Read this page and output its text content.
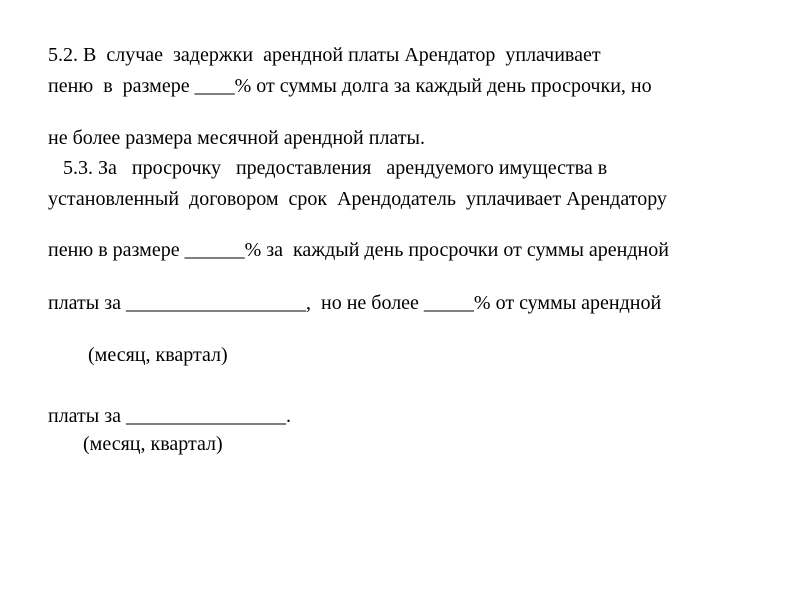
5.2. В  случае  задержки  арендной платы Арендатор  уплачивает

пеню  в  размере ____% от суммы долга за каждый день просрочки, но

не более размера месячной арендной платы.

5.3. За   просрочку   предоставления   арендуемого имущества в

установленный  договором  срок  Арендодатель  уплачивает Арендатору

пеню в размере ______% за  каждый день просрочки от суммы арендной

платы за __________________,  но не более _____% от суммы арендной

(месяц, квартал)

платы за ________________.

(месяц, квартал)
